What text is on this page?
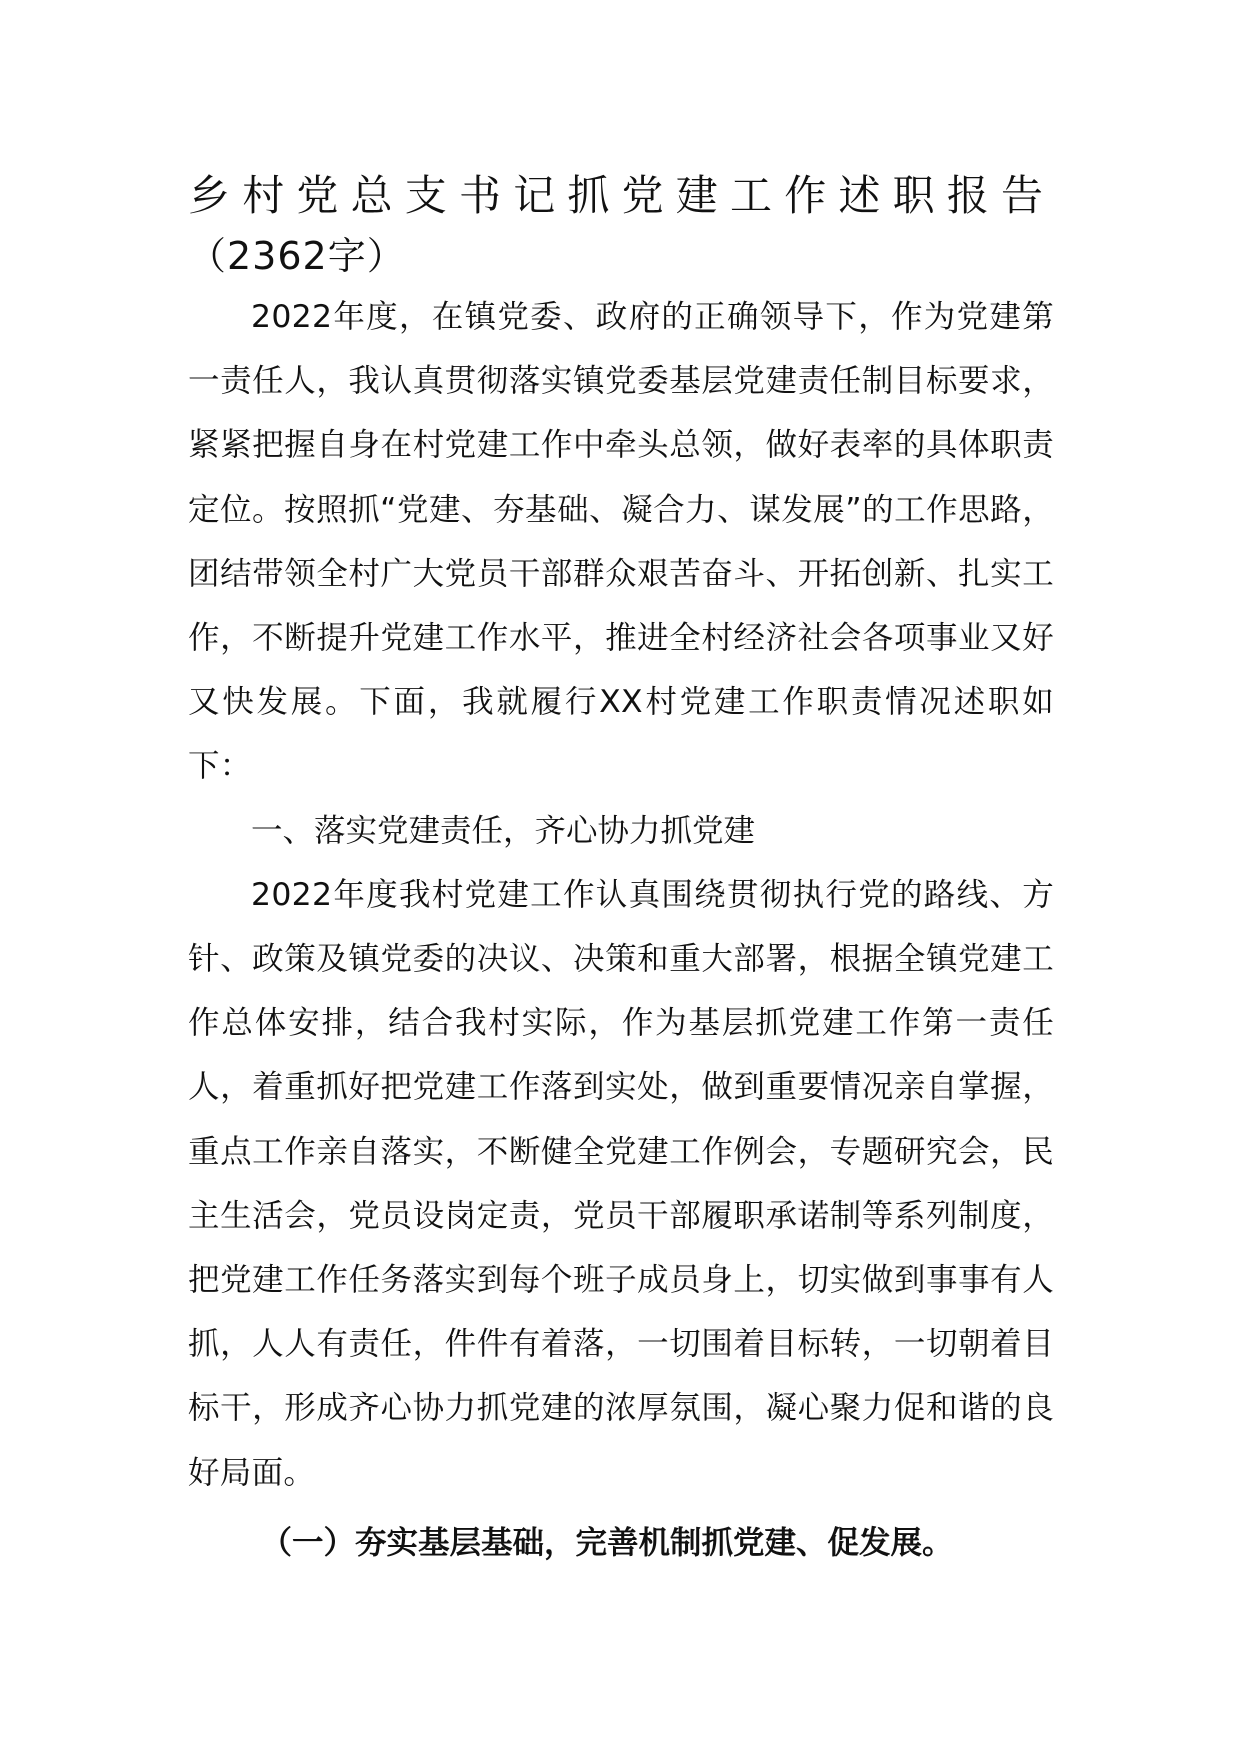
乡村党总支书记抓党建工作述职报告
（2362字）

2022年度，在镇党委、政府的正确领导下，作为党建第一责任人，我认真贯彻落实镇党委基层党建责任制目标要求，紧紧把握自身在村党建工作中牵头总领，做好表率的具体职责定位。按照抓“党建、夯基础、凝合力、谋发展”的工作思路，团结带领全村广大党员干部群众艰苦奋斗、开拓创新、扎实工作，不断提升党建工作水平，推进全村经济社会各项事业又好又快发展。下面，我就履行XX村党建工作职责情况述职如下：

一、落实党建责任，齐心协力抓党建

2022年度我村党建工作认真围绕贯彻执行党的路线、方针、政策及镇党委的决议、决策和重大部署，根据全镇党建工作总体安排，结合我村实际，作为基层抓党建工作第一责任人，着重抓好把党建工作落到实处，做到重要情况亲自掌握，重点工作亲自落实，不断健全党建工作例会，专题研究会，民主生活会，党员设岗定责，党员干部履职承诺制等系列制度，把党建工作任务落实到每个班子成员身上，切实做到事事有人抓，人人有责任，件件有着落，一切围着目标转，一切朝着目标干，形成齐心协力抓党建的浓厚氛围，凝心聚力促和谐的良好局面。

（一）夯实基层基础，完善机制抓党建、促发展。
